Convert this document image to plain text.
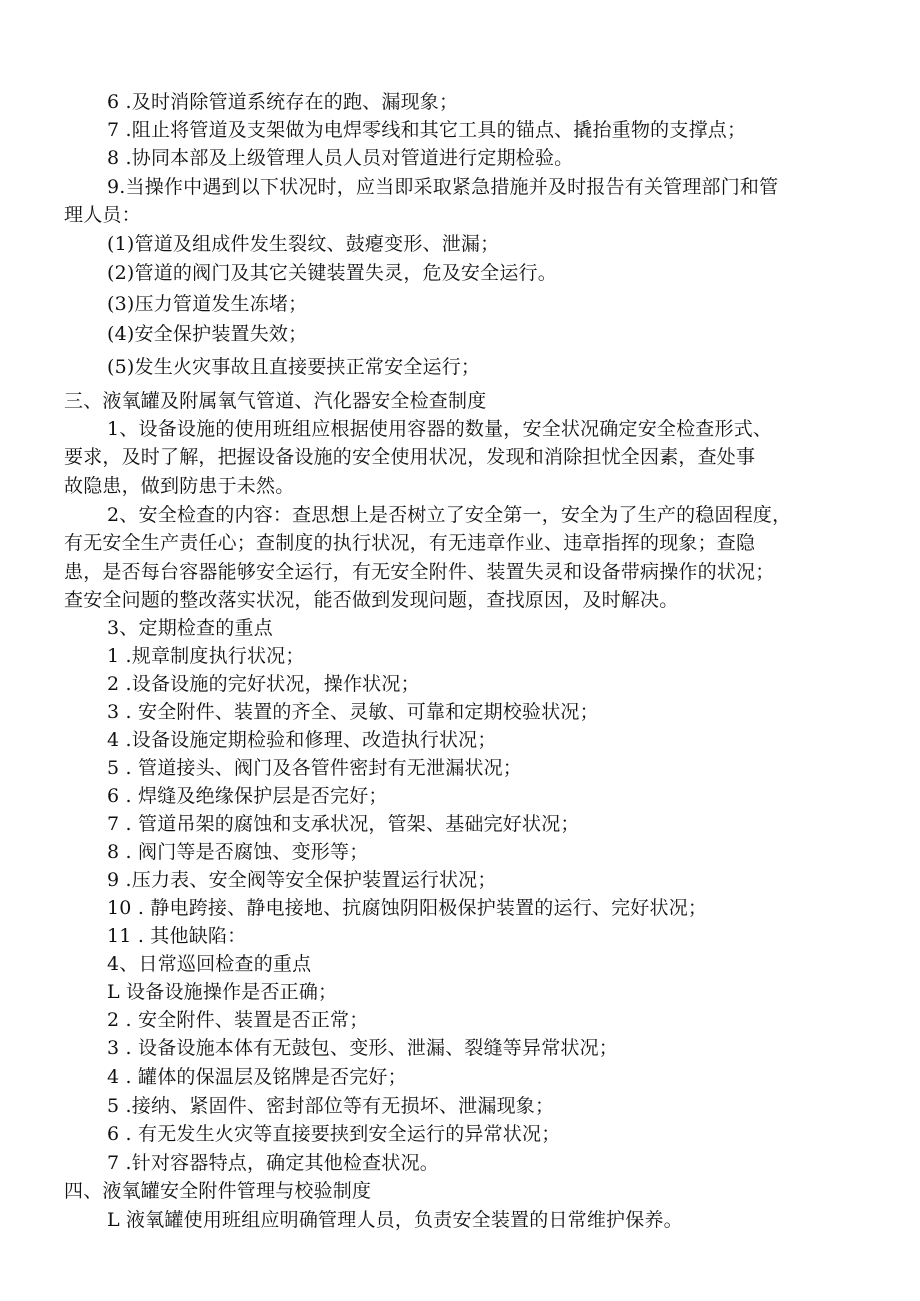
6 .及时消除管道系统存在的跑、漏现象；
7 .阻止将管道及支架做为电焊零线和其它工具的锚点、撬抬重物的支撑点；
8 .协同本部及上级管理人员人员对管道进行定期检验。
9.当操作中遇到以下状况时，应当即采取紧急措施并及时报告有关管理部门和管
理人员：
(1)管道及组成件发生裂纹、鼓瘪变形、泄漏；
(2)管道的阀门及其它关键装置失灵，危及安全运行。
(3)压力管道发生冻堵；
(4)安全保护装置失效；
(5)发生火灾事故且直接要挟正常安全运行；
三、液氧罐及附属氧气管道、汽化器安全检查制度
1、设备设施的使用班组应根据使用容器的数量，安全状况确定安全检查形式、
要求，及时了解，把握设备设施的安全使用状况，发现和消除担忧全因素，查处事
故隐患，做到防患于未然。
2、安全检查的内容：查思想上是否树立了安全第一，安全为了生产的稳固程度，
有无安全生产责任心；查制度的执行状况，有无违章作业、违章指挥的现象；查隐
患，是否每台容器能够安全运行，有无安全附件、装置失灵和设备带病操作的状况；
查安全问题的整改落实状况，能否做到发现问题，查找原因，及时解决。
3、定期检查的重点
1 .规章制度执行状况；
2 .设备设施的完好状况，操作状况；
3 . 安全附件、装置的齐全、灵敏、可靠和定期校验状况；
4 .设备设施定期检验和修理、改造执行状况；
5 . 管道接头、阀门及各管件密封有无泄漏状况；
6 . 焊缝及绝缘保护层是否完好；
7 . 管道吊架的腐蚀和支承状况，管架、基础完好状况；
8 . 阀门等是否腐蚀、变形等；
9 .压力表、安全阀等安全保护装置运行状况；
10 . 静电跨接、静电接地、抗腐蚀阴阳极保护装置的运行、完好状况；
11 . 其他缺陷：
4、日常巡回检查的重点
L 设备设施操作是否正确；
2 . 安全附件、装置是否正常；
3 . 设备设施本体有无鼓包、变形、泄漏、裂缝等异常状况；
4 . 罐体的保温层及铭牌是否完好；
5 .接纳、紧固件、密封部位等有无损坏、泄漏现象；
6 . 有无发生火灾等直接要挟到安全运行的异常状况；
7 .针对容器特点，确定其他检查状况。
四、液氧罐安全附件管理与校验制度
L 液氧罐使用班组应明确管理人员，负责安全装置的日常维护保养。
